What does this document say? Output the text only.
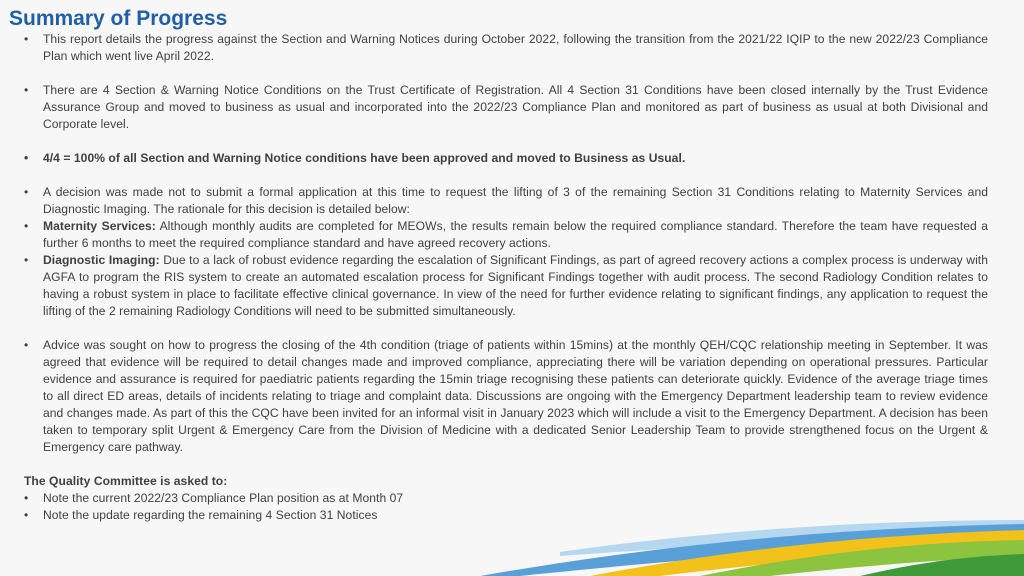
Summary of Progress
• This report details the progress against the Section and Warning Notices during October 2022, following the transition from the 2021/22 IQIP to the new 2022/23 Compliance Plan which went live April 2022.
• There are 4 Section & Warning Notice Conditions on the Trust Certificate of Registration. All 4 Section 31 Conditions have been closed internally by the Trust Evidence Assurance Group and moved to business as usual and incorporated into the 2022/23 Compliance Plan and monitored as part of business as usual at both Divisional and Corporate level.
• 4/4 = 100% of all Section and Warning Notice conditions have been approved and moved to Business as Usual.
• A decision was made not to submit a formal application at this time to request the lifting of 3 of the remaining Section 31 Conditions relating to Maternity Services and Diagnostic Imaging. The rationale for this decision is detailed below:
• Maternity Services: Although monthly audits are completed for MEOWs, the results remain below the required compliance standard. Therefore the team have requested a further 6 months to meet the required compliance standard and have agreed recovery actions.
• Diagnostic Imaging: Due to a lack of robust evidence regarding the escalation of Significant Findings, as part of agreed recovery actions a complex process is underway with AGFA to program the RIS system to create an automated escalation process for Significant Findings together with audit process. The second Radiology Condition relates to having a robust system in place to facilitate effective clinical governance. In view of the need for further evidence relating to significant findings, any application to request the lifting of the 2 remaining Radiology Conditions will need to be submitted simultaneously.
• Advice was sought on how to progress the closing of the 4th condition (triage of patients within 15mins) at the monthly QEH/CQC relationship meeting in September. It was agreed that evidence will be required to detail changes made and improved compliance, appreciating there will be variation depending on operational pressures. Particular evidence and assurance is required for paediatric patients regarding the 15min triage recognising these patients can deteriorate quickly. Evidence of the average triage times to all direct ED areas, details of incidents relating to triage and complaint data. Discussions are ongoing with the Emergency Department leadership team to review evidence and changes made. As part of this the CQC have been invited for an informal visit in January 2023 which will include a visit to the Emergency Department. A decision has been taken to temporary split Urgent & Emergency Care from the Division of Medicine with a dedicated Senior Leadership Team to provide strengthened focus on the Urgent & Emergency care pathway.
The Quality Committee is asked to:
• Note the current 2022/23 Compliance Plan position as at Month 07
• Note the update regarding the remaining 4 Section 31 Notices
